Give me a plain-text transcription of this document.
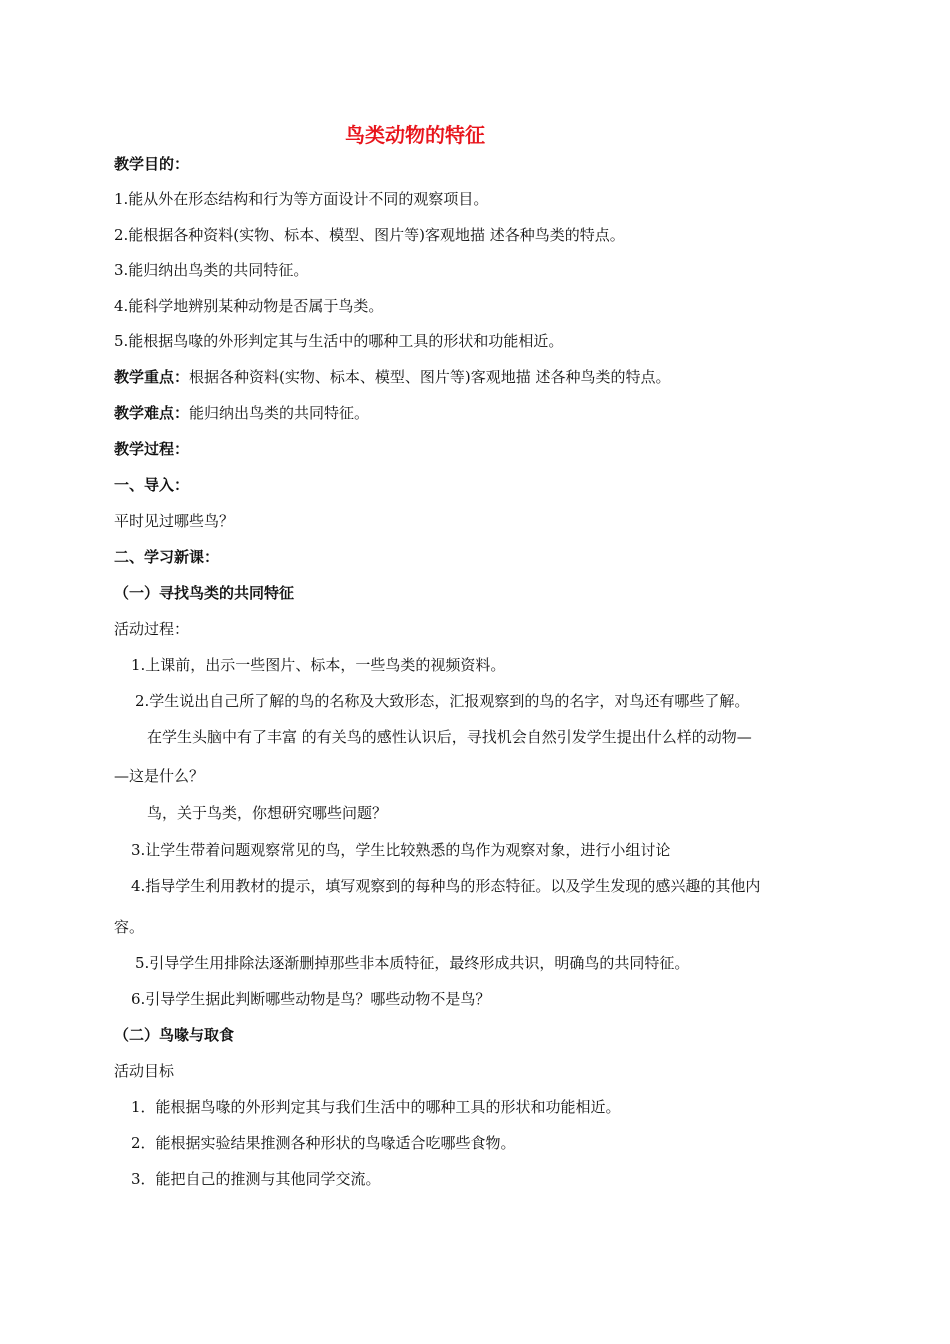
鸟类动物的特征
教学目的：
1.能从外在形态结构和行为等方面设计不同的观察项目。
2.能根据各种资料(实物、标本、模型、图片等)客观地描 述各种鸟类的特点。
3.能归纳出鸟类的共同特征。
4.能科学地辨别某种动物是否属于鸟类。
5.能根据鸟喙的外形判定其与生活中的哪种工具的形状和功能相近。
教学重点：根据各种资料(实物、标本、模型、图片等)客观地描 述各种鸟类的特点。
教学难点：能归纳出鸟类的共同特征。
教学过程：
一、导入：
平时见过哪些鸟？
二、学习新课：
（一）寻找鸟类的共同特征
活动过程：
1.上课前，出示一些图片、标本，一些鸟类的视频资料。
2.学生说出自己所了解的鸟的名称及大致形态，汇报观察到的鸟的名字，对鸟还有哪些了解。
在学生头脑中有了丰富 的有关鸟的感性认识后，寻找机会自然引发学生提出什么样的动物—
—这是什么？
鸟，关于鸟类，你想研究哪些问题？
3.让学生带着问题观察常见的鸟，学生比较熟悉的鸟作为观察对象，进行小组讨论
4.指导学生利用教材的提示，填写观察到的每种鸟的形态特征。以及学生发现的感兴趣的其他内
容。
5.引导学生用排除法逐渐删掉那些非本质特征，最终形成共识，明确鸟的共同特征。
6.引导学生据此判断哪些动物是鸟？哪些动物不是鸟？
（二）鸟喙与取食
活动目标
1．能根据鸟喙的外形判定其与我们生活中的哪种工具的形状和功能相近。
2．能根据实验结果推测各种形状的鸟喙适合吃哪些食物。
3．能把自己的推测与其他同学交流。
